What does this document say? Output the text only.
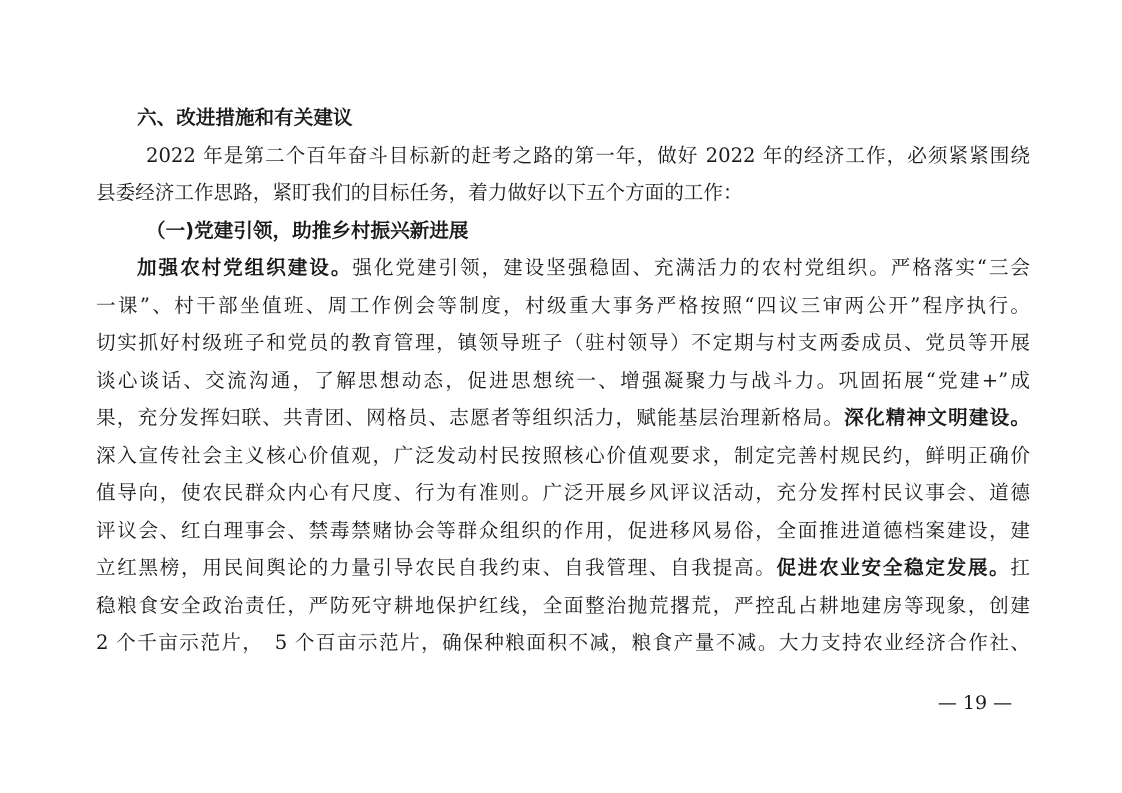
六、改进措施和有关建议
2022 年是第二个百年奋斗目标新的赶考之路的第一年，做好 2022 年的经济工作，必须紧紧围绕
县委经济工作思路，紧盯我们的目标任务，着力做好以下五个方面的工作：
（一)党建引领，助推乡村振兴新进展
加强农村党组织建设。强化党建引领，建设坚强稳固、充满活力的农村党组织。严格落实“三会
一课”、村干部坐值班、周工作例会等制度，村级重大事务严格按照“四议三审两公开”程序执行。
切实抓好村级班子和党员的教育管理，镇领导班子（驻村领导）不定期与村支两委成员、党员等开展
谈心谈话、交流沟通，了解思想动态，促进思想统一、增强凝聚力与战斗力。巩固拓展“党建+”成
果，充分发挥妇联、共青团、网格员、志愿者等组织活力，赋能基层治理新格局。深化精神文明建设。
深入宣传社会主义核心价值观，广泛发动村民按照核心价值观要求，制定完善村规民约，鲜明正确价
值导向，使农民群众内心有尺度、行为有准则。广泛开展乡风评议活动，充分发挥村民议事会、道德
评议会、红白理事会、禁毒禁赌协会等群众组织的作用，促进移风易俗，全面推进道德档案建设，建
立红黑榜，用民间舆论的力量引导农民自我约束、自我管理、自我提高。促进农业安全稳定发展。扛
稳粮食安全政治责任，严防死守耕地保护红线，全面整治抛荒撂荒，严控乱占耕地建房等现象，创建
2 个千亩示范片，　5 个百亩示范片，确保种粮面积不减，粮食产量不减。大力支持农业经济合作社、
— 19 —
